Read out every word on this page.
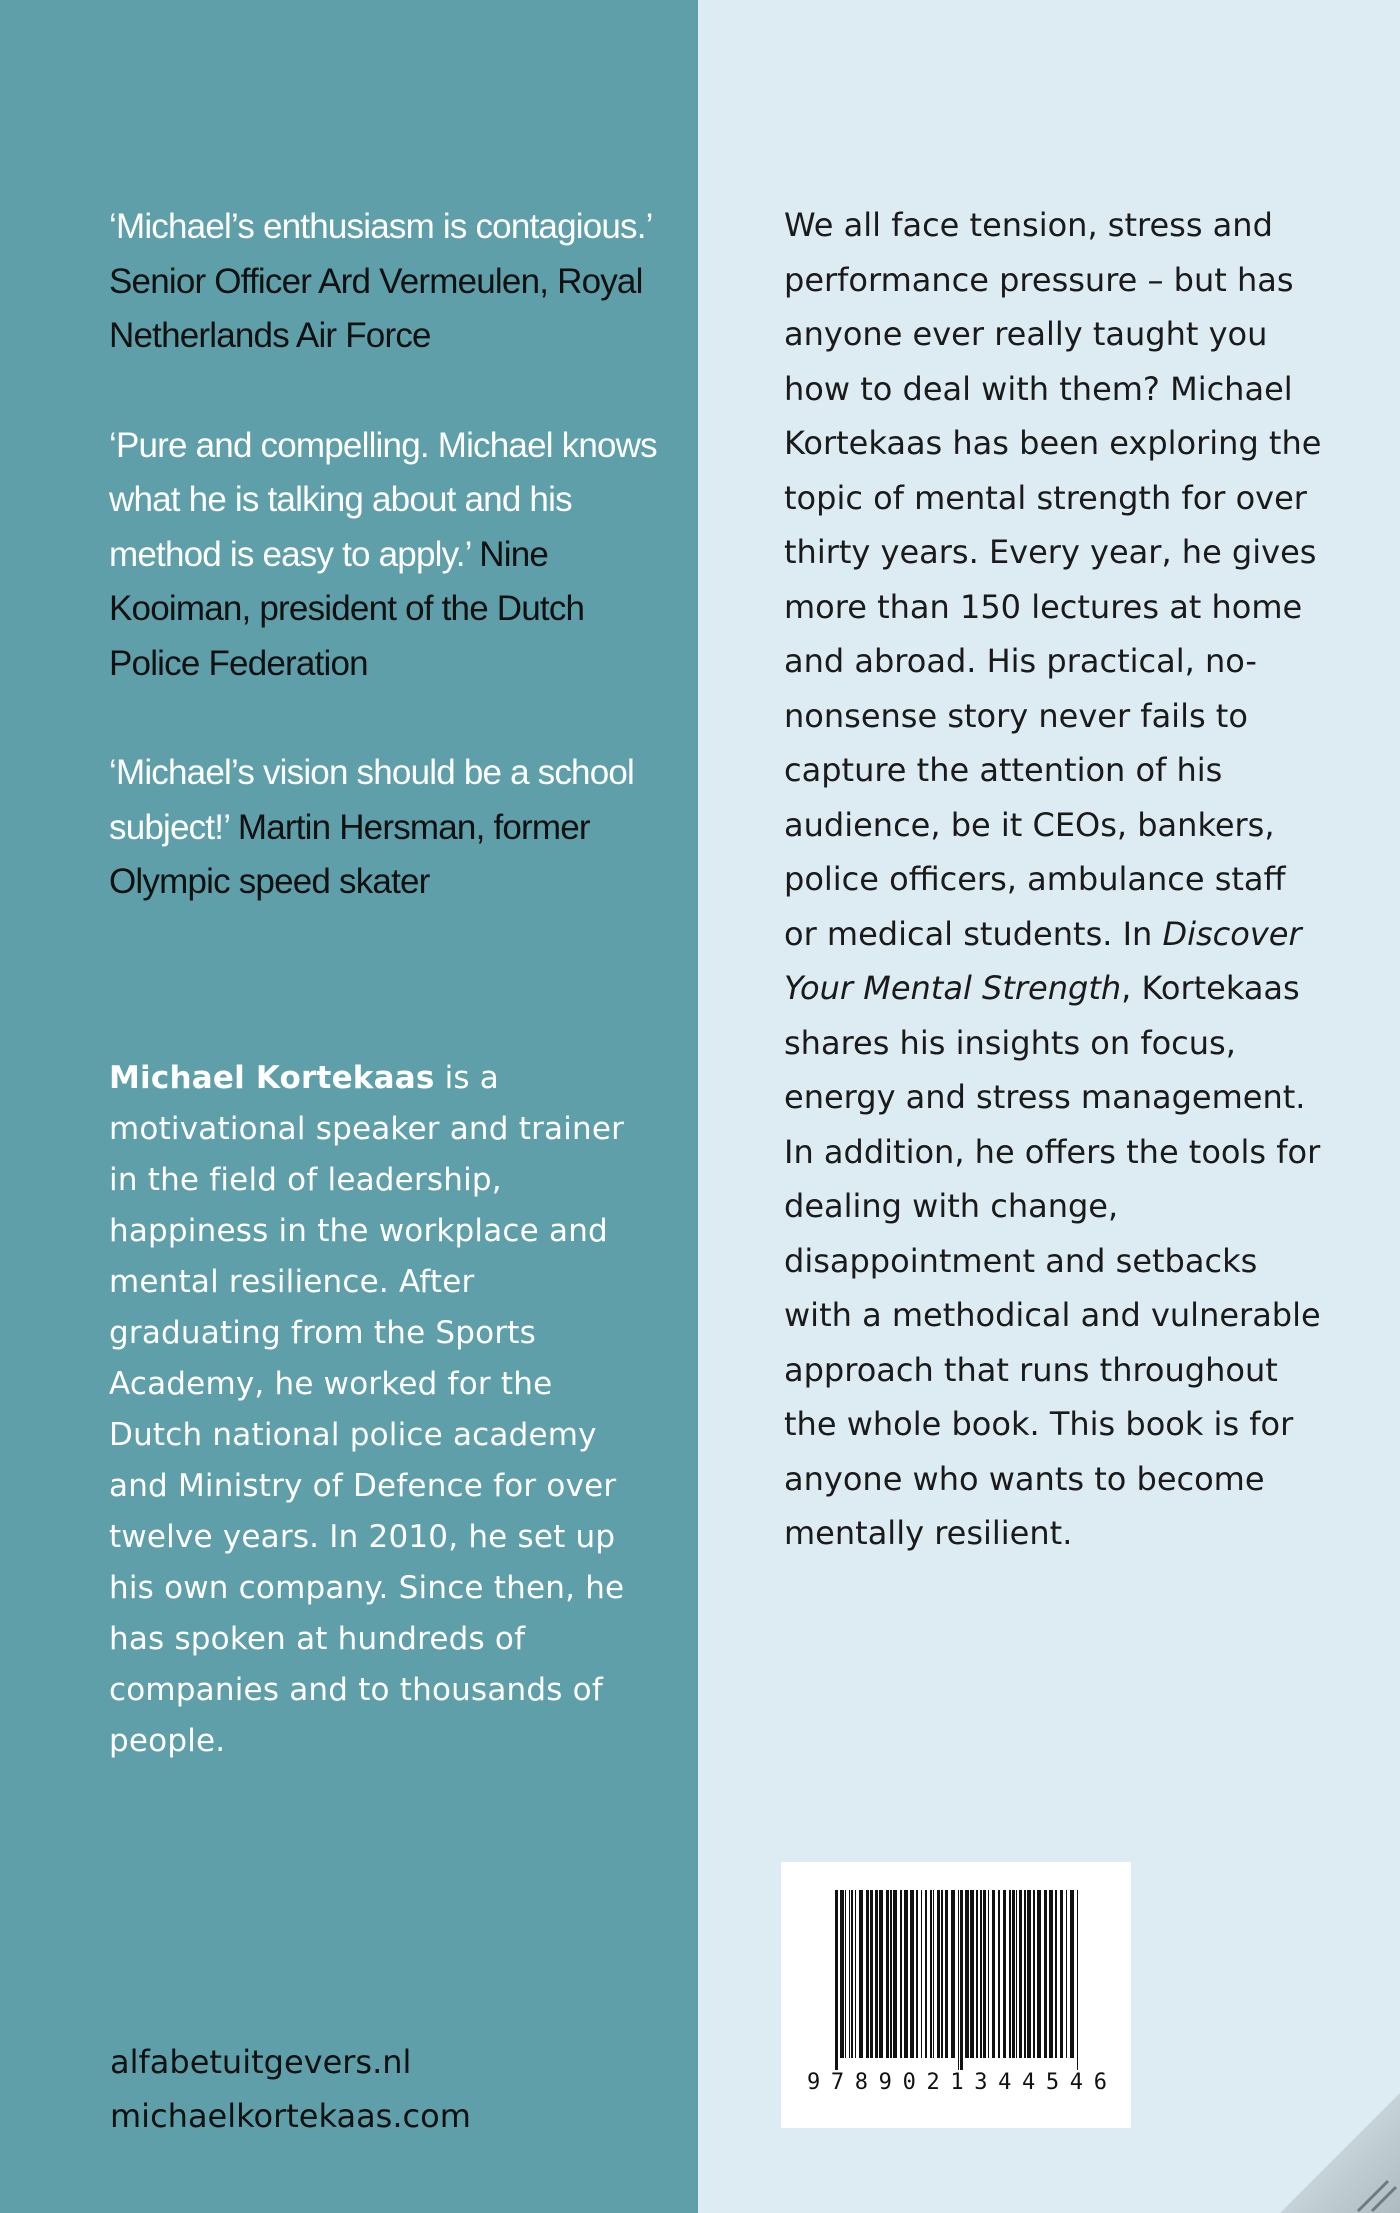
‘Michael’s enthusiasm is contagious.’ Senior Officer Ard Vermeulen, Royal Netherlands Air Force

‘Pure and compelling. Michael knows what he is talking about and his method is easy to apply.’ Nine Kooiman, president of the Dutch Police Federation

‘Michael’s vision should be a school subject!’ Martin Hersman, former Olympic speed skater

Michael Kortekaas is a motivational speaker and trainer in the field of leadership, happiness in the workplace and mental resilience. After graduating from the Sports Academy, he worked for the Dutch national police academy and Ministry of Defence for over twelve years. In 2010, he set up his own company. Since then, he has spoken at hundreds of companies and to thousands of people.
alfabetuitgevers.nl
michaelkortekaas.com
We all face tension, stress and performance pressure – but has anyone ever really taught you how to deal with them? Michael Kortekaas has been exploring the topic of mental strength for over thirty years. Every year, he gives more than 150 lectures at home and abroad. His practical, no-nonsense story never fails to capture the attention of his audience, be it CEOs, bankers, police officers, ambulance staff or medical students. In Discover Your Mental Strength, Kortekaas shares his insights on focus, energy and stress management. In addition, he offers the tools for dealing with change, disappointment and setbacks with a methodical and vulnerable approach that runs throughout the whole book. This book is for anyone who wants to become mentally resilient.
9 7 8 9 0 2 1 3 4 4 5 4 6
